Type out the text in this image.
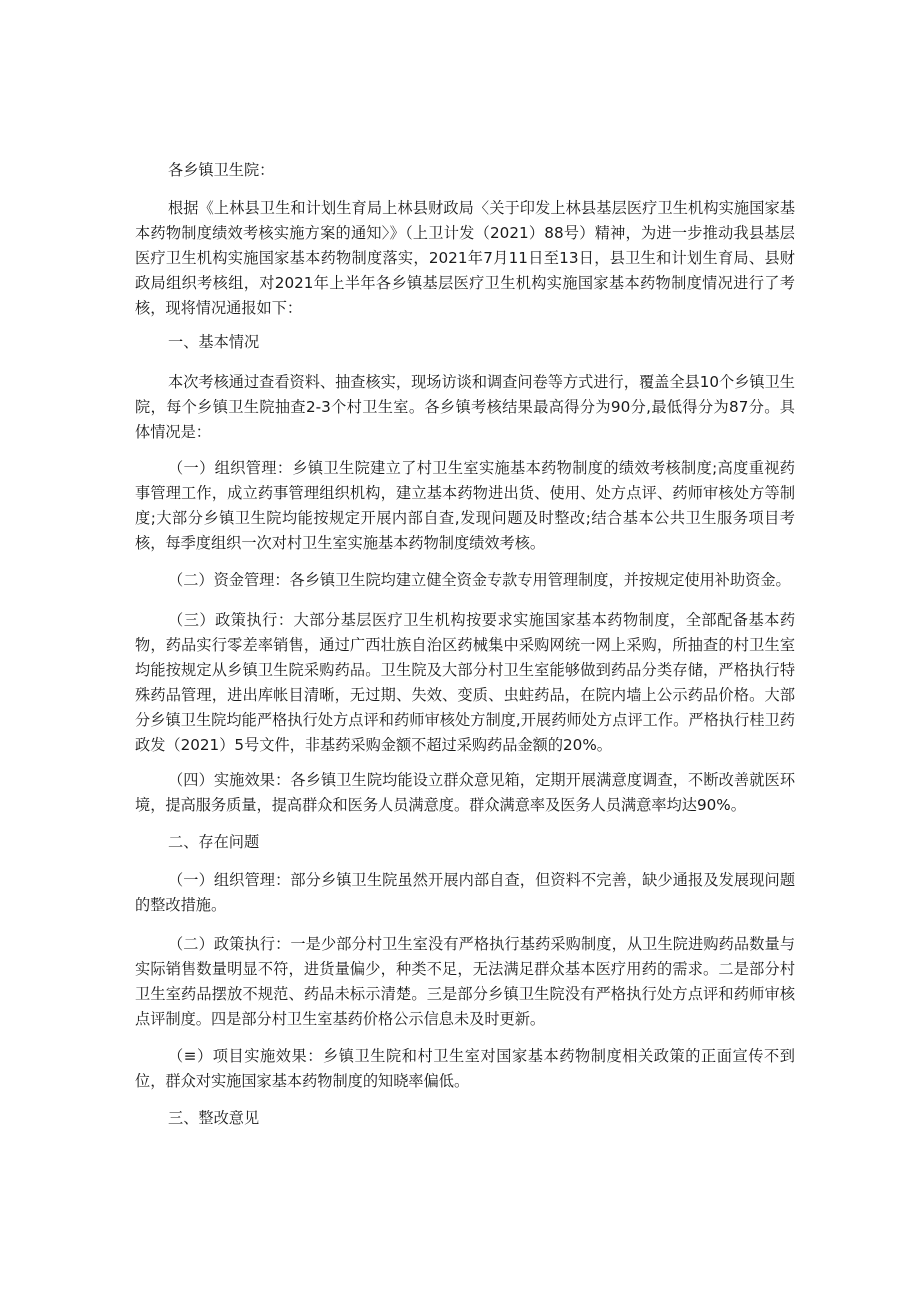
各乡镇卫生院：

根据《上林县卫生和计划生育局上林县财政局〈关于印发上林县基层医疗卫生机构实施国家基本药物制度绩效考核实施方案的通知〉》（上卫计发（2021）88号）精神，为进一步推动我县基层医疗卫生机构实施国家基本药物制度落实，2021年7月11日至13日，县卫生和计划生育局、县财政局组织考核组，对2021年上半年各乡镇基层医疗卫生机构实施国家基本药物制度情况进行了考核，现将情况通报如下：

一、基本情况

本次考核通过查看资料、抽查核实，现场访谈和调查问卷等方式进行，覆盖全县10个乡镇卫生院，每个乡镇卫生院抽查2-3个村卫生室。各乡镇考核结果最高得分为90分,最低得分为87分。具体情况是：

（一）组织管理：乡镇卫生院建立了村卫生室实施基本药物制度的绩效考核制度;高度重视药事管理工作，成立药事管理组织机构，建立基本药物进出货、使用、处方点评、药师审核处方等制度;大部分乡镇卫生院均能按规定开展内部自查,发现问题及时整改;结合基本公共卫生服务项目考核，每季度组织一次对村卫生室实施基本药物制度绩效考核。

（二）资金管理：各乡镇卫生院均建立健全资金专款专用管理制度，并按规定使用补助资金。

（三）政策执行：大部分基层医疗卫生机构按要求实施国家基本药物制度，全部配备基本药物，药品实行零差率销售，通过广西壮族自治区药械集中采购网统一网上采购，所抽查的村卫生室均能按规定从乡镇卫生院采购药品。卫生院及大部分村卫生室能够做到药品分类存储，严格执行特殊药品管理，进出库帐目清晰，无过期、失效、变质、虫蛀药品，在院内墙上公示药品价格。大部分乡镇卫生院均能严格执行处方点评和药师审核处方制度,开展药师处方点评工作。严格执行桂卫药政发（2021）5号文件，非基药采购金额不超过采购药品金额的20%。

（四）实施效果：各乡镇卫生院均能设立群众意见箱，定期开展满意度调查，不断改善就医环境，提高服务质量，提高群众和医务人员满意度。群众满意率及医务人员满意率均达90%。

二、存在问题

（一）组织管理：部分乡镇卫生院虽然开展内部自查，但资料不完善，缺少通报及发展现问题的整改措施。

（二）政策执行：一是少部分村卫生室没有严格执行基药采购制度，从卫生院进购药品数量与实际销售数量明显不符，进货量偏少，种类不足，无法满足群众基本医疗用药的需求。二是部分村卫生室药品摆放不规范、药品未标示清楚。三是部分乡镇卫生院没有严格执行处方点评和药师审核点评制度。四是部分村卫生室基药价格公示信息未及时更新。

（≡）项目实施效果：乡镇卫生院和村卫生室对国家基本药物制度相关政策的正面宣传不到位，群众对实施国家基本药物制度的知晓率偏低。

三、整改意见
